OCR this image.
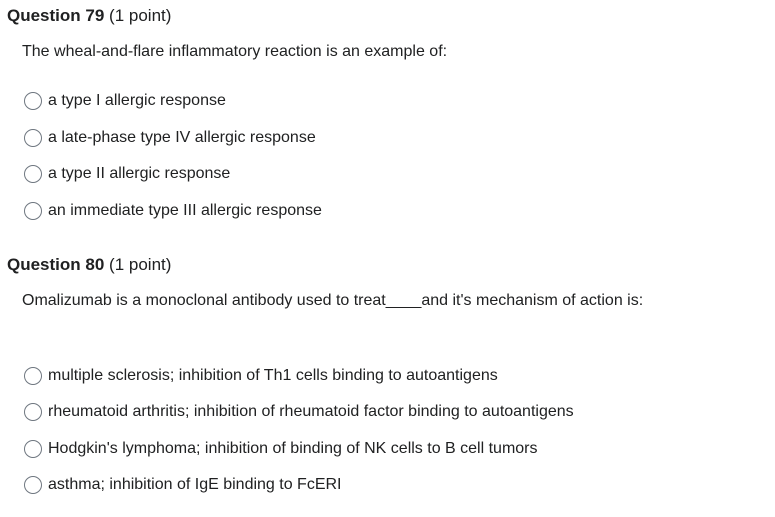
Question 79 (1 point)
The wheal-and-flare inflammatory reaction is an example of:
a type I allergic response
a late-phase type IV allergic response
a type II allergic response
an immediate type III allergic response
Question 80 (1 point)
Omalizumab is a monoclonal antibody used to treat____and it's mechanism of action is:
multiple sclerosis; inhibition of Th1 cells binding to autoantigens
rheumatoid arthritis; inhibition of rheumatoid factor binding to autoantigens
Hodgkin's lymphoma; inhibition of binding of NK cells to B cell tumors
asthma; inhibition of IgE binding to FcERI
